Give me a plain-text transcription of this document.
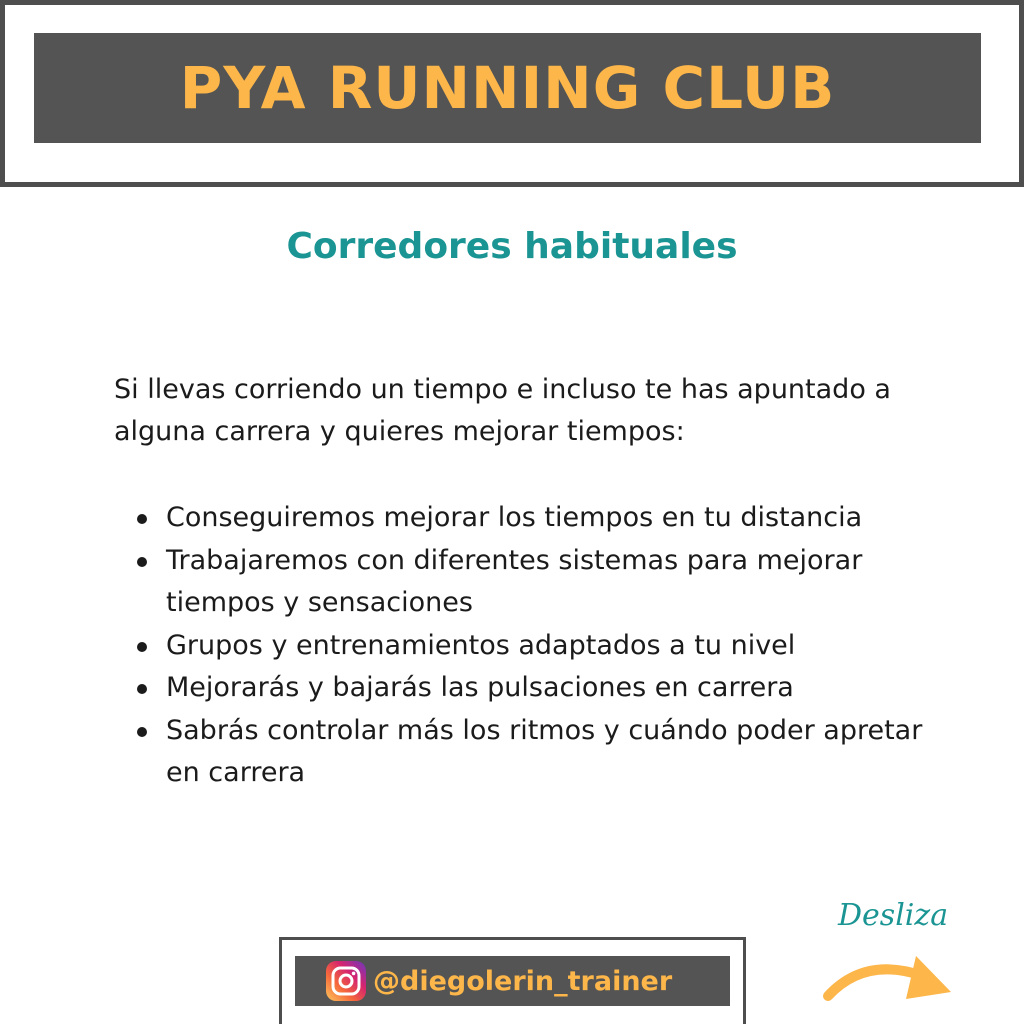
PYA RUNNING CLUB
Corredores habituales

Si llevas corriendo un tiempo e incluso te has apuntado a alguna carrera y quieres mejorar tiempos:

Conseguiremos mejorar los tiempos en tu distancia
Trabajaremos con diferentes sistemas para mejorar tiempos y sensaciones
Grupos y entrenamientos adaptados a tu nivel
Mejorarás y bajarás las pulsaciones en carrera
Sabrás controlar más los ritmos y cuándo poder apretar en carrera
@diegolerin_trainer
Desliza
